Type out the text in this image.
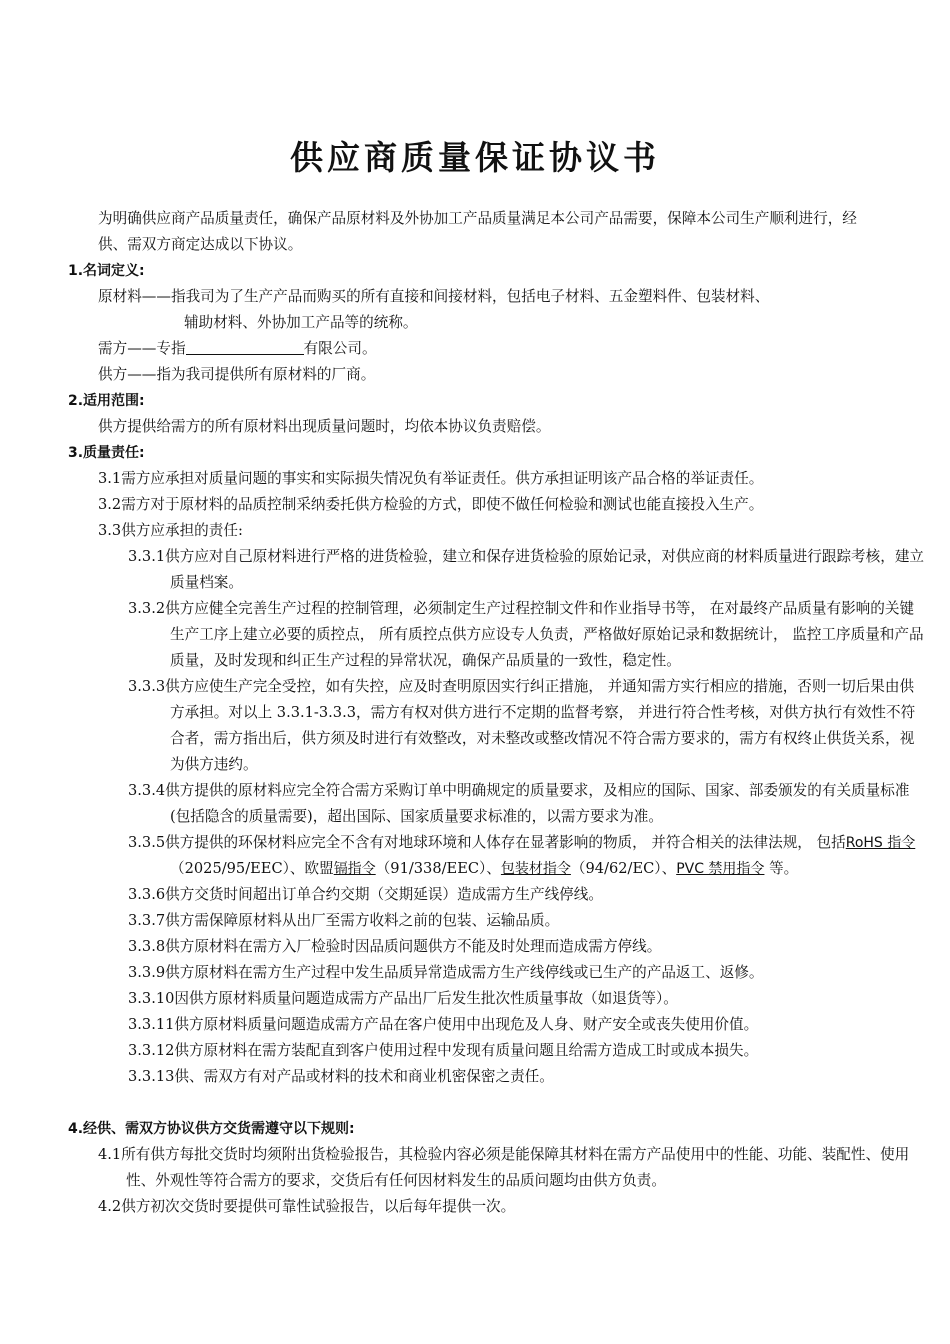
供应商质量保证协议书
为明确供应商产品质量责任，确保产品原材料及外协加工产品质量满足本公司产品需要，保障本公司生产顺利进行，经供、需双方商定达成以下协议。
1.名词定义:
原材料——指我司为了生产产品而购买的所有直接和间接材料，包括电子材料、五金塑料件、包装材料、
辅助材料、外协加工产品等的统称。
需方——专指	有限公司。
供方——指为我司提供所有原材料的厂商。
2.适用范围:
供方提供给需方的所有原材料出现质量问题时，均依本协议负责赔偿。
3.质量责任:
3.1需方应承担对质量问题的事实和实际损失情况负有举证责任。供方承担证明该产品合格的举证责任。
3.2需方对于原材料的品质控制采纳委托供方检验的方式，即使不做任何检验和测试也能直接投入生产。
3.3供方应承担的责任:
3.3.1供方应对自己原材料进行严格的进货检验，建立和保存进货检验的原始记录，对供应商的材料质量进行跟踪考核，建立质量档案。
3.3.2供方应健全完善生产过程的控制管理，必须制定生产过程控制文件和作业指导书等， 在对最终产品质量有影响的关键生产工序上建立必要的质控点， 所有质控点供方应设专人负责，严格做好原始记录和数据统计， 监控工序质量和产品质量，及时发现和纠正生产过程的异常状况，确保产品质量的一致性，稳定性。
3.3.3供方应使生产完全受控，如有失控，应及时查明原因实行纠正措施， 并通知需方实行相应的措施，否则一切后果由供方承担。对以上 3.3.1-3.3.3，需方有权对供方进行不定期的监督考察， 并进行符合性考核，对供方执行有效性不符合者，需方指出后，供方须及时进行有效整改，对未整改或整改情况不符合需方要求的，需方有权终止供货关系，视为供方违约。
3.3.4供方提供的原材料应完全符合需方采购订单中明确规定的质量要求，及相应的国际、国家、部委颁发的有关质量标准(包括隐含的质量需要)，超出国际、国家质量要求标准的，以需方要求为准。
3.3.5供方提供的环保材料应完全不含有对地球环境和人体存在显著影响的物质， 并符合相关的法律法规， 包括RoHS 指令（2025/95/EEC）、欧盟镉指令（91/338/EEC）、包装材指令（94/62/EC）、PVC 禁用指令 等。
3.3.6供方交货时间超出订单合约交期（交期延误）造成需方生产线停线。
3.3.7供方需保障原材料从出厂至需方收料之前的包装、运输品质。
3.3.8供方原材料在需方入厂检验时因品质问题供方不能及时处理而造成需方停线。
3.3.9供方原材料在需方生产过程中发生品质异常造成需方生产线停线或已生产的产品返工、返修。
3.3.10因供方原材料质量问题造成需方产品出厂后发生批次性质量事故（如退货等）。
3.3.11供方原材料质量问题造成需方产品在客户使用中出现危及人身、财产安全或丧失使用价值。
3.3.12供方原材料在需方装配直到客户使用过程中发现有质量问题且给需方造成工时或成本损失。
3.3.13供、需双方有对产品或材料的技术和商业机密保密之责任。
4.经供、需双方协议供方交货需遵守以下规则:
4.1所有供方每批交货时均须附出货检验报告，其检验内容必须是能保障其材料在需方产品使用中的性能、功能、装配性、使用性、外观性等符合需方的要求，交货后有任何因材料发生的品质问题均由供方负责。
4.2供方初次交货时要提供可靠性试验报告，以后每年提供一次。
